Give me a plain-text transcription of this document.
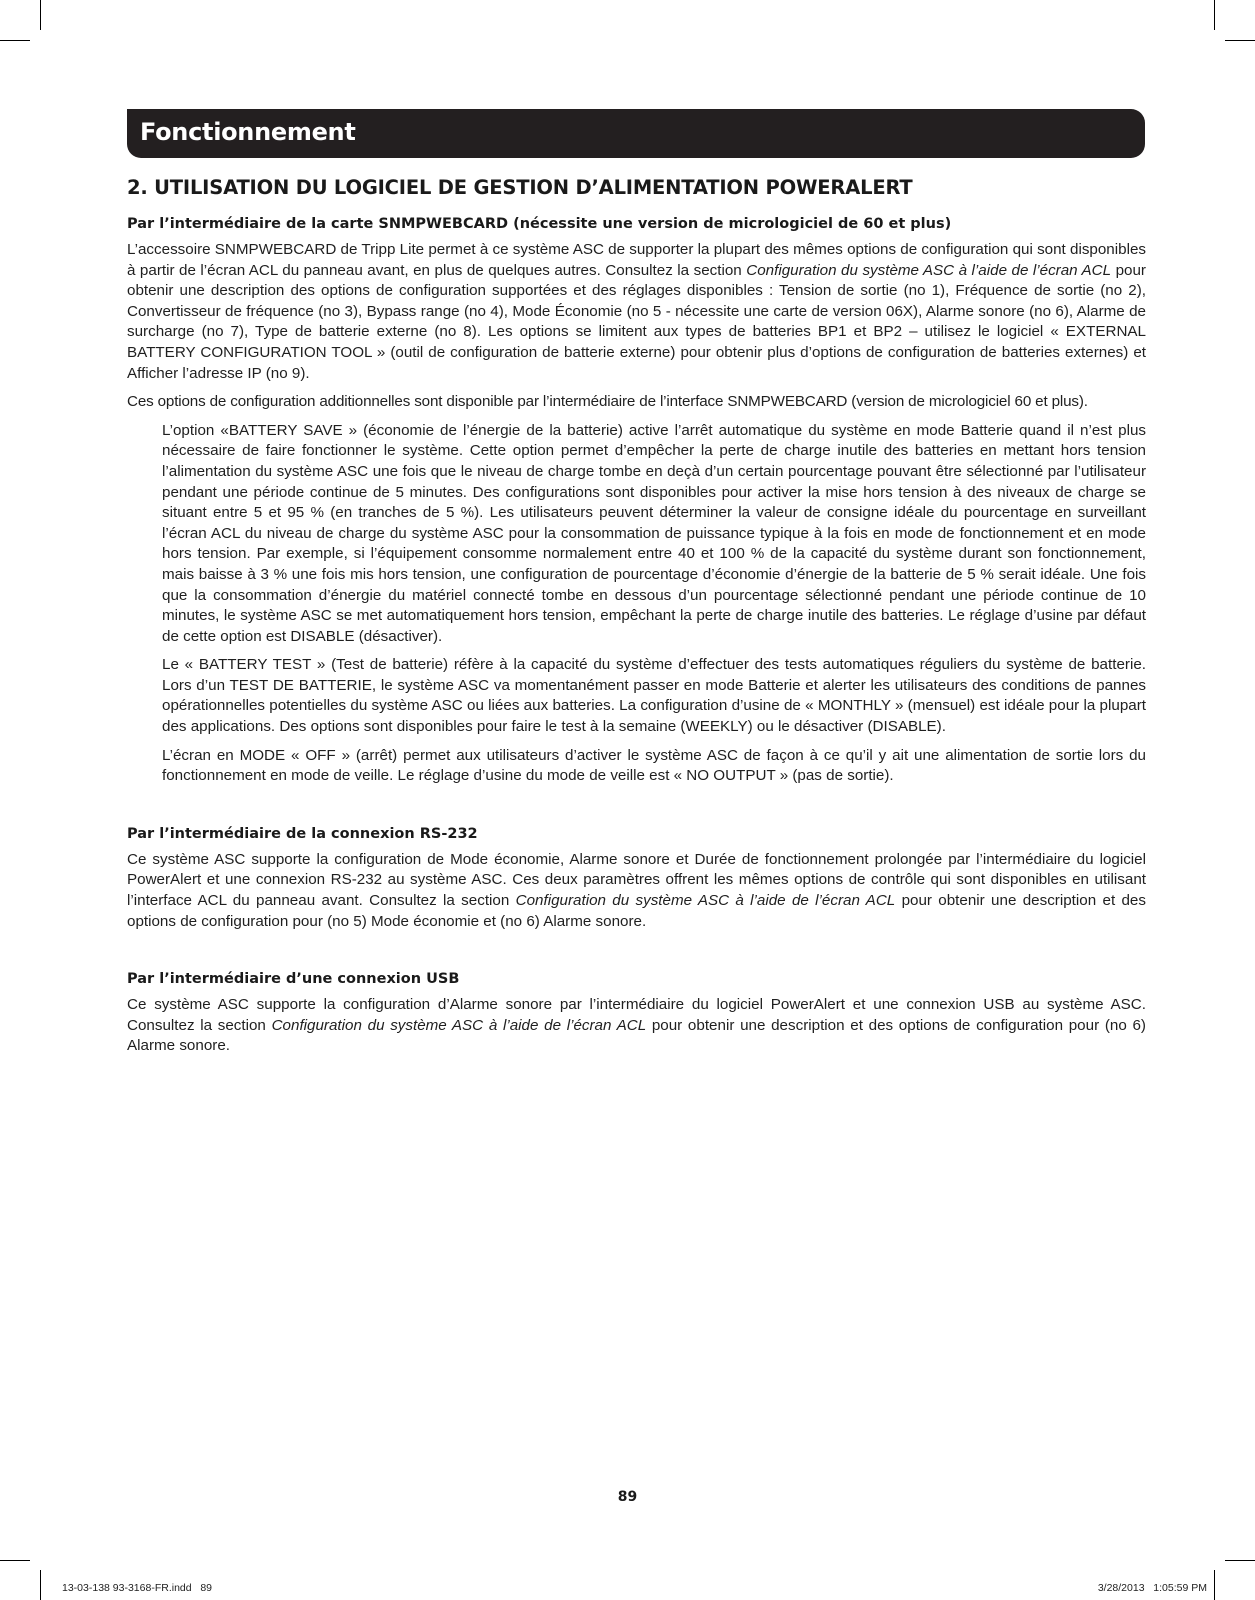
Fonctionnement
2. UTILISATION DU LOGICIEL DE GESTION D’ALIMENTATION POWERALERT
Par l’intermédiaire de la carte SNMPWEBCARD (nécessite une version de micrologiciel de 60 et plus)

L’accessoire SNMPWEBCARD de Tripp Lite permet à ce système ASC de supporter la plupart des mêmes options de configuration qui sont disponibles à partir de l’écran ACL du panneau avant, en plus de quelques autres. Consultez la section Configuration du système ASC à l’aide de l’écran ACL pour obtenir une description des options de configuration supportées et des réglages disponibles : Tension de sortie (no 1), Fréquence de sortie (no 2), Convertisseur de fréquence (no 3), Bypass range (no 4), Mode Économie (no 5 - nécessite une carte de version 06X), Alarme sonore (no 6), Alarme de surcharge (no 7), Type de batterie externe (no 8). Les options se limitent aux types de batteries BP1 et BP2 – utilisez le logiciel « EXTERNAL BATTERY CONFIGURATION TOOL » (outil de configuration de batterie externe) pour obtenir plus d’options de configuration de batteries externes) et Afficher l’adresse IP (no 9).

Ces options de configuration additionnelles sont disponible par l’intermédiaire de l’interface SNMPWEBCARD (version de micrologiciel 60 et plus).

L’option «BATTERY SAVE » (économie de l’énergie de la batterie) active l’arrêt automatique du système en mode Batterie quand il n’est plus nécessaire de faire fonctionner le système. Cette option permet d’empêcher la perte de charge inutile des batteries en mettant hors tension l’alimentation du système ASC une fois que le niveau de charge tombe en deçà d’un certain pourcentage pouvant être sélectionné par l’utilisateur pendant une période continue de 5 minutes. Des configurations sont disponibles pour activer la mise hors tension à des niveaux de charge se situant entre 5 et 95 % (en tranches de 5 %). Les utilisateurs peuvent déterminer la valeur de consigne idéale du pourcentage en surveillant l’écran ACL du niveau de charge du système ASC pour la consommation de puissance typique à la fois en mode de fonctionnement et en mode hors tension. Par exemple, si l’équipement consomme normalement entre 40 et 100 % de la capacité du système durant son fonctionnement, mais baisse à 3 % une fois mis hors tension, une configuration de pourcentage d’économie d’énergie de la batterie de 5 % serait idéale. Une fois que la consommation d’énergie du matériel connecté tombe en dessous d’un pourcentage sélectionné pendant une période continue de 10 minutes, le système ASC se met automatiquement hors tension, empêchant la perte de charge inutile des batteries. Le réglage d’usine par défaut de cette option est DISABLE (désactiver).

Le « BATTERY TEST » (Test de batterie) réfère à la capacité du système d’effectuer des tests automatiques réguliers du système de batterie. Lors d’un TEST DE BATTERIE, le système ASC va momentanément passer en mode Batterie et alerter les utilisateurs des conditions de pannes opérationnelles potentielles du système ASC ou liées aux batteries. La configuration d’usine de « MONTHLY » (mensuel) est idéale pour la plupart des applications. Des options sont disponibles pour faire le test à la semaine (WEEKLY) ou le désactiver (DISABLE).

L’écran en MODE « OFF » (arrêt) permet aux utilisateurs d’activer le système ASC de façon à ce qu’il y ait une alimentation de sortie lors du fonctionnement en mode de veille. Le réglage d’usine du mode de veille est « NO OUTPUT » (pas de sortie).

Par l’intermédiaire de la connexion RS-232

Ce système ASC supporte la configuration de Mode économie, Alarme sonore et Durée de fonctionnement prolongée par l’intermédiaire du logiciel PowerAlert et une connexion RS-232 au système ASC. Ces deux paramètres offrent les mêmes options de contrôle qui sont disponibles en utilisant l’interface ACL du panneau avant. Consultez la section Configuration du système ASC à l’aide de l’écran ACL pour obtenir une description et des options de configuration pour (no 5) Mode économie et (no 6) Alarme sonore.

Par l’intermédiaire d’une connexion USB

Ce système ASC supporte la configuration d’Alarme sonore par l’intermédiaire du logiciel PowerAlert et une connexion USB au système ASC. Consultez la section Configuration du système ASC à l’aide de l’écran ACL pour obtenir une description et des options de configuration pour (no 6) Alarme sonore.

89
13-03-138 93-3168-FR.indd   89	3/28/2013   1:05:59 PM
